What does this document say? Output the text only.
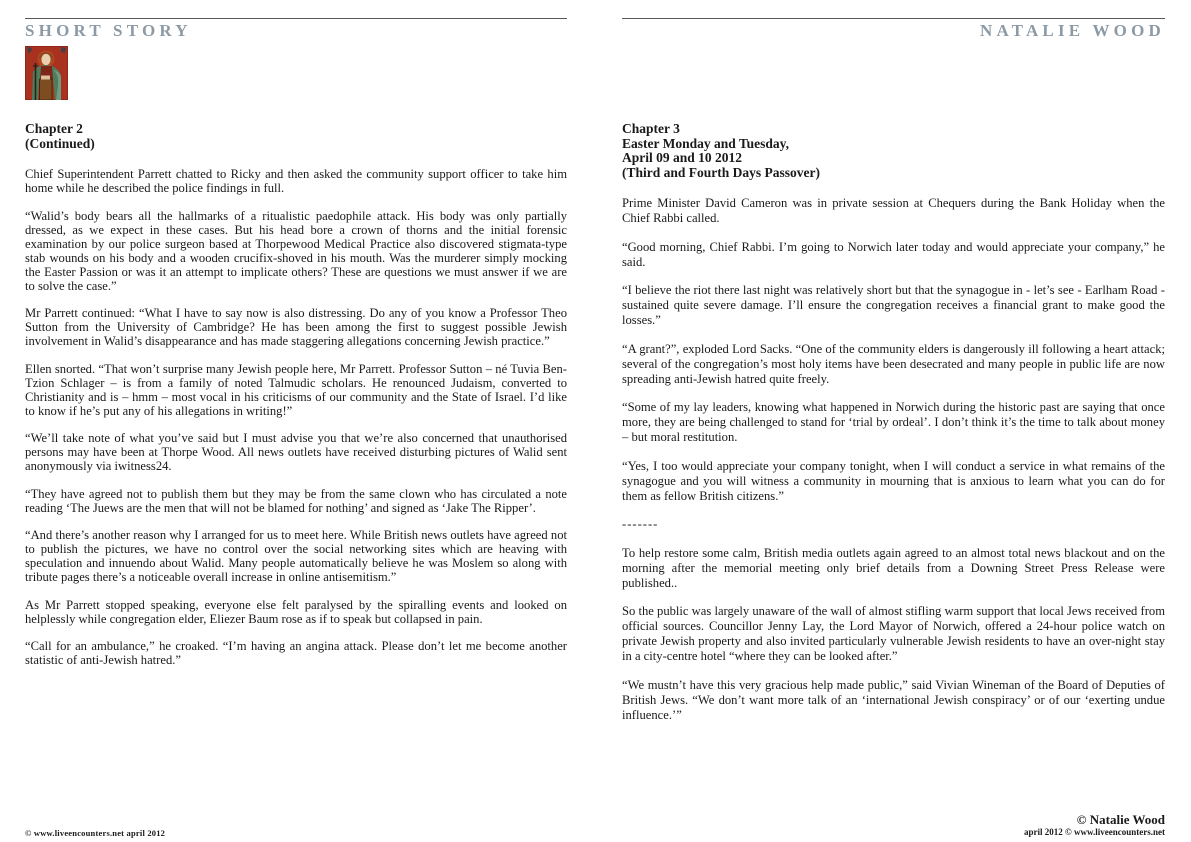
SHORT STORY	NATALIE WOOD
Chapter 2
(Continued)

Chief Superintendent Parrett chatted to Ricky and then asked the community support officer to take him home while he described the police findings in full.

“Walid’s body bears all the hallmarks of a ritualistic paedophile attack. His body was only partially dressed, as we expect in these cases. But his head bore a crown of thorns and the initial forensic examination by our police surgeon based at Thorpewood Medical Practice also discovered stigmata-type stab wounds on his body and a wooden crucifix-shoved in his mouth. Was the murderer simply mocking the Easter Passion or was it an attempt to implicate others? These are questions we must answer if we are to solve the case.”

Mr Parrett continued: “What I have to say now is also distressing. Do any of you know a Professor Theo Sutton from the University of Cambridge? He has been among the first to suggest possible Jewish involvement in Walid’s disappearance and has made staggering allegations concerning Jewish practice.”

Ellen snorted. “That won’t surprise many Jewish people here, Mr Parrett. Professor Sutton – né Tuvia Ben-Tzion Schlager – is from a family of noted Talmudic scholars. He renounced Judaism, converted to Christianity and is – hmm – most vocal in his criticisms of our community and the State of Israel. I’d like to know if he’s put any of his allegations in writing!”

“We’ll take note of what you’ve said but I must advise you that we’re also concerned that unauthorised persons may have been at Thorpe Wood. All news outlets have received disturbing pictures of Walid sent anonymously via iwitness24.

“They have agreed not to publish them but they may be from the same clown who has circulated a note reading ‘The Juews are the men that will not be blamed for nothing’ and signed as ‘Jake The Ripper’.

“And there’s another reason why I arranged for us to meet here. While British news outlets have agreed not to publish the pictures, we have no control over the social networking sites which are heaving with speculation and innuendo about Walid. Many people automatically believe he was Moslem so along with tribute pages there’s a noticeable overall increase in online antisemitism.”

As Mr Parrett stopped speaking, everyone else felt paralysed by the spiralling events and looked on helplessly while congregation elder, Eliezer Baum rose as if to speak but collapsed in pain.

“Call for an ambulance,” he croaked. “I’m having an angina attack. Please don’t let me become another statistic of anti-Jewish hatred.”

Chapter 3
Easter Monday and Tuesday,
April 09 and 10 2012
(Third and Fourth Days Passover)

Prime Minister David Cameron was in private session at Chequers during the Bank Holiday when the Chief Rabbi called.

“Good morning, Chief Rabbi. I’m going to Norwich later today and would appreciate your company,” he said.

“I believe the riot there last night was relatively short but that the synagogue in - let’s see - Earlham Road - sustained quite severe damage. I’ll ensure the congregation receives a financial grant to make good the losses.”

“A grant?”, exploded Lord Sacks. “One of the community elders is dangerously ill following a heart attack; several of the congregation’s most holy items have been desecrated and many people in public life are now spreading anti-Jewish hatred quite freely.

“Some of my lay leaders, knowing what happened in Norwich during the historic past are saying that once more, they are being challenged to stand for ‘trial by ordeal’. I don’t think it’s the time to talk about money – but moral restitution.

“Yes, I too would appreciate your company tonight, when I will conduct a service in what remains of the synagogue and you will witness a community in mourning that is anxious to learn what you can do for them as fellow British citizens.”

-------

To help restore some calm, British media outlets again agreed to an almost total news blackout and on the morning after the memorial meeting only brief details from a Downing Street Press Release were published..

So the public was largely unaware of the wall of almost stifling warm support that local Jews received from official sources. Councillor Jenny Lay, the Lord Mayor of Norwich, offered a 24-hour police watch on private Jewish property and also invited particularly vulnerable Jewish residents to have an over-night stay in a city-centre hotel “where they can be looked after.”

“We mustn’t have this very gracious help made public,” said Vivian Wineman of the Board of Deputies of British Jews. “We don’t want more talk of an ‘international Jewish conspiracy’ or of our ‘exerting undue influence.’”

© www.liveencounters.net april 2012
© Natalie Wood
april 2012 © www.liveencounters.net
